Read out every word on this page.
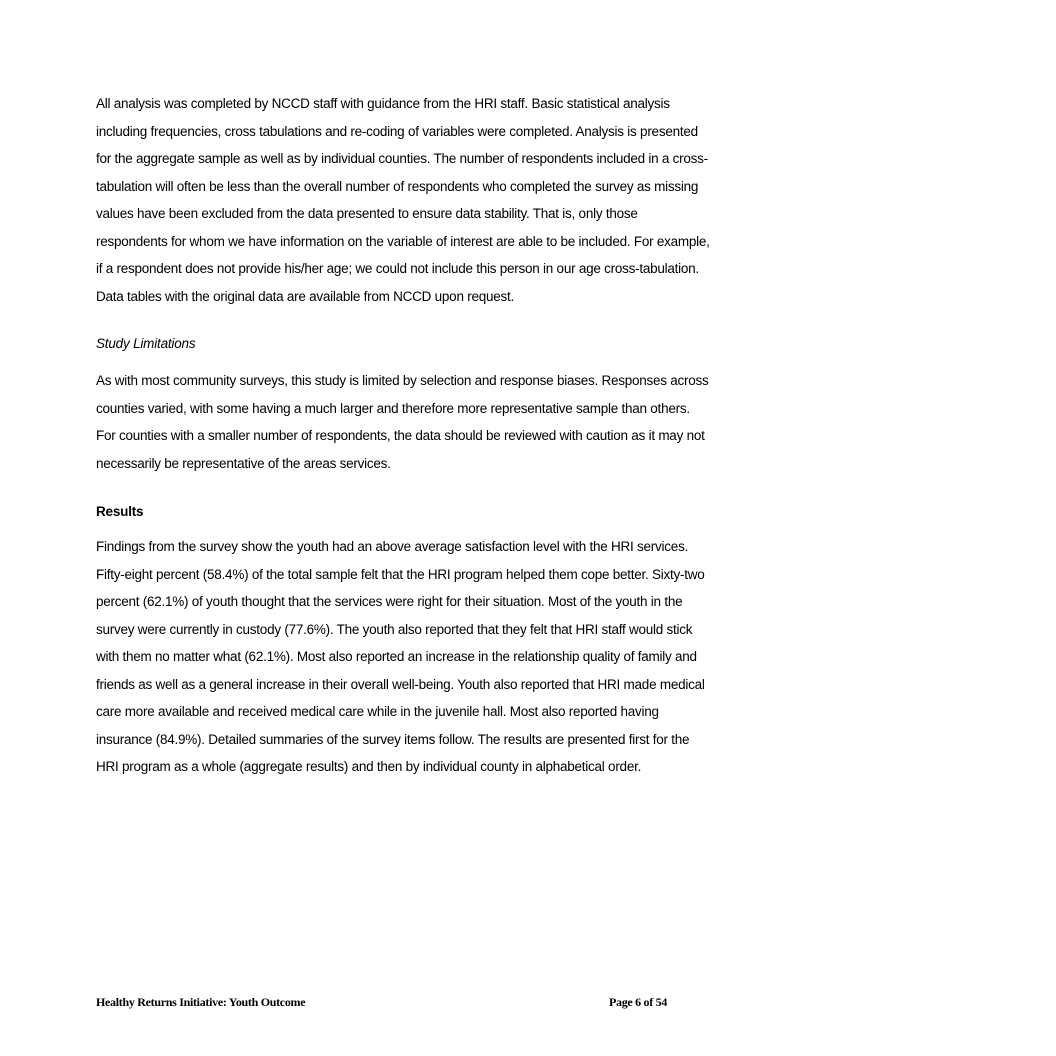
All analysis was completed by NCCD staff with guidance from the HRI staff. Basic statistical analysis
including frequencies, cross tabulations and re-coding of variables were completed. Analysis is presented
for the aggregate sample as well as by individual counties. The number of respondents included in a cross-
tabulation will often be less than the overall number of respondents who completed the survey as missing
values have been excluded from the data presented to ensure data stability. That is, only those
respondents for whom we have information on the variable of interest are able to be included. For example,
if a respondent does not provide his/her age; we could not include this person in our age cross-tabulation.
Data tables with the original data are available from NCCD upon request.
Study Limitations
As with most community surveys, this study is limited by selection and response biases. Responses across
counties varied, with some having a much larger and therefore more representative sample than others.
For counties with a smaller number of respondents, the data should be reviewed with caution as it may not
necessarily be representative of the areas services.
Results
Findings from the survey show the youth had an above average satisfaction level with the HRI services.
Fifty-eight percent (58.4%) of the total sample felt that the HRI program helped them cope better. Sixty-two
percent (62.1%) of youth thought that the services were right for their situation. Most of the youth in the
survey were currently in custody (77.6%). The youth also reported that they felt that HRI staff would stick
with them no matter what (62.1%). Most also reported an increase in the relationship quality of family and
friends as well as a general increase in their overall well-being. Youth also reported that HRI made medical
care more available and received medical care while in the juvenile hall. Most also reported having
insurance (84.9%). Detailed summaries of the survey items follow. The results are presented first for the
HRI program as a whole (aggregate results) and then by individual county in alphabetical order.
Healthy Returns Initiative: Youth Outcome	Page 6 of 54
